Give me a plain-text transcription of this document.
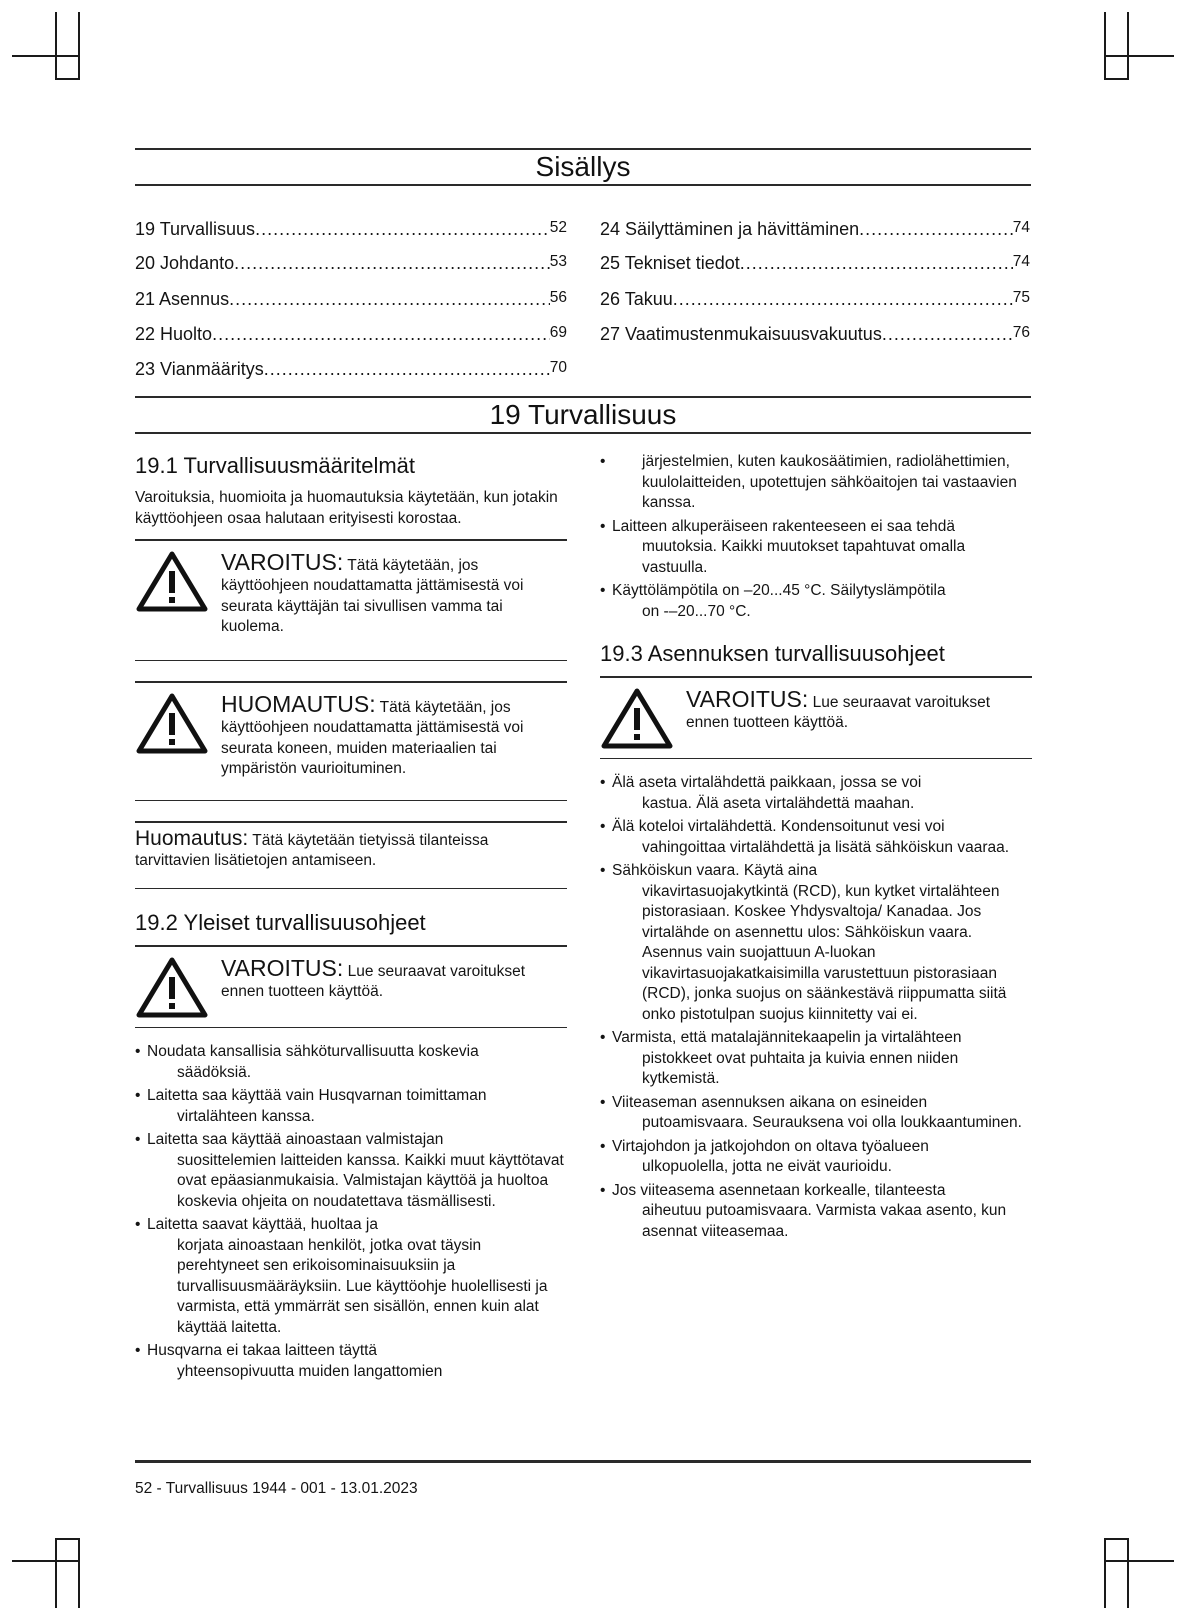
Sisällys
19 Turvallisuus .....	52
20 Johdanto .....	53
21 Asennus .....	56
22 Huolto .....	69
23 Vianmääritys .....	70
24 Säilyttäminen ja hävittäminen .....	74
25 Tekniset tiedot .....	74
26 Takuu .....	75
27 Vaatimustenmukaisuusvakuutus .....	76
19 Turvallisuus
19.1 Turvallisuusmääritelmät
Varoituksia, huomioita ja huomautuksia käytetään, kun jotakin käyttöohjeen osaa halutaan erityisesti korostaa.
VAROITUS: Tätä käytetään, jos käyttöohjeen noudattamatta jättämisestä voi seurata käyttäjän tai sivullisen vamma tai kuolema.
HUOMAUTUS: Tätä käytetään, jos käyttöohjeen noudattamatta jättämisestä voi seurata koneen, muiden materiaalien tai ympäristön vaurioituminen.
Huomautus: Tätä käytetään tietyissä tilanteissa tarvittavien lisätietojen antamiseen.
19.2 Yleiset turvallisuusohjeet
VAROITUS: Lue seuraavat varoitukset ennen tuotteen käyttöä.
• Noudata kansallisia sähköturvallisuutta koskevia
säädöksiä.
• Laitetta saa käyttää vain Husqvarnan toimittaman
virtalähteen kanssa.
• Laitetta saa käyttää ainoastaan valmistajan
suosittelemien laitteiden kanssa. Kaikki muut käyttötavat ovat epäasianmukaisia. Valmistajan käyttöä ja huoltoa koskevia ohjeita on noudatettava täsmällisesti.
• Laitetta saavat käyttää, huoltaa ja
korjata ainoastaan henkilöt, jotka ovat täysin perehtyneet sen erikoisominaisuuksiin ja turvallisuusmääräyksiin. Lue käyttöohje huolellisesti ja varmista, että ymmärrät sen sisällön, ennen kuin alat käyttää laitetta.
• Husqvarna ei takaa laitteen täyttä
yhteensopivuutta muiden langattomien
• järjestelmien, kuten kaukosäätimien, radiolähettimien, kuulolaitteiden, upotettujen sähköaitojen tai vastaavien kanssa.
• Laitteen alkuperäiseen rakenteeseen ei saa tehdä
muutoksia. Kaikki muutokset tapahtuvat omalla vastuulla.
• Käyttölämpötila on –20...45 °C. Säilytyslämpötila
on -–20...70 °C.
19.3 Asennuksen turvallisuusohjeet
VAROITUS: Lue seuraavat varoitukset ennen tuotteen käyttöä.
• Älä aseta virtalähdettä paikkaan, jossa se voi
kastua. Älä aseta virtalähdettä maahan.
• Älä koteloi virtalähdettä. Kondensoitunut vesi voi
vahingoittaa virtalähdettä ja lisätä sähköiskun vaaraa.
• Sähköiskun vaara. Käytä aina
vikavirtasuojakytkintä (RCD), kun kytket virtalähteen pistorasiaan. Koskee Yhdysvaltoja/ Kanadaa. Jos virtalähde on asennettu ulos: Sähköiskun vaara. Asennus vain suojattuun A-luokan vikavirtasuojakatkaisimilla varustettuun pistorasiaan (RCD), jonka suojus on säänkestävä riippumatta siitä onko pistotulpan suojus kiinnitetty vai ei.
• Varmista, että matalajännitekaapelin ja virtalähteen
pistokkeet ovat puhtaita ja kuivia ennen niiden kytkemistä.
• Viiteaseman asennuksen aikana on esineiden
putoamisvaara. Seurauksena voi olla loukkaantuminen.
• Virtajohdon ja jatkojohdon on oltava työalueen
ulkopuolella, jotta ne eivät vaurioidu.
• Jos viiteasema asennetaan korkealle, tilanteesta
aiheutuu putoamisvaara. Varmista vakaa asento, kun asennat viiteasemaa.
52 - Turvallisuus 1944 - 001 - 13.01.2023
